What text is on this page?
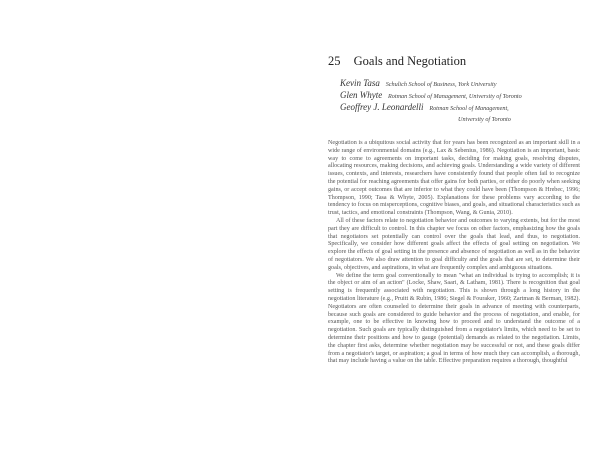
25 Goals and Negotiation
Kevin Tasa Schulich School of Business, York University
Glen Whyte Rotman School of Management, University of Toronto
Geoffrey J. Leonardelli Rotman School of Management,
University of Toronto

Negotiation is a ubiquitous social activity that for years has been recognized as an important skill in a wide range of environmental domains (e.g., Lax & Sebenius, 1986). Negotiation is an important, basic way to come to agreements on important tasks, deciding for making goals, resolving disputes, allocating resources, making decisions, and achieving goals. Understanding a wide variety of different issues, contexts, and interests, researchers have consistently found that people often fail to recognize the potential for reaching agreements that offer gains for both parties, or either do poorly when seeking gains, or accept outcomes that are inferior to what they could have been (Thompson & Hrebec, 1996; Thompson, 1990; Tasa & Whyte, 2005). Explanations for these problems vary according to the tendency to focus on misperceptions, cognitive biases, and goals, and situational characteristics such as trust, tactics, and emotional constraints (Thompson, Wang, & Gunia, 2010).

All of these factors relate to negotiation behavior and outcomes to varying extents, but for the most part they are difficult to control. In this chapter we focus on other factors, emphasizing how the goals that negotiators set potentially can control over the goals that lead, and thus, to negotiation. Specifically, we consider how different goals affect the effects of goal setting on negotiation. We explore the effects of goal setting in the presence and absence of negotiation as well as in the behavior of negotiators. We also draw attention to goal difficulty and the goals that are set, to determine their goals, objectives, and aspirations, in what are frequently complex and ambiguous situations.

We define the term goal conventionally to mean "what an individual is trying to accomplish; it is the object or aim of an action" (Locke, Shaw, Saari, & Latham, 1981). There is recognition that goal setting is frequently associated with negotiation. This is shown through a long history in the negotiation literature (e.g., Pruitt & Rubin, 1986; Siegel & Fouraker, 1960; Zartman & Berman, 1982). Negotiators are often counseled to determine their goals in advance of meeting with counterparts, because such goals are considered to guide behavior and the process of negotiation, and enable, for example, one to be effective in knowing how to proceed and to understand the outcome of a negotiation. Such goals are typically distinguished from a negotiator's limits, which need to be set to determine their positions and how to gauge (potential) demands as related to the negotiation. Limits, the chapter first asks, determine whether negotiation may be successful or not, and these goals differ from a negotiator's target, or aspiration; a goal in terms of how much they can accomplish, a thorough, that may include having a value on the table. Effective preparation requires a thorough, thoughtful
